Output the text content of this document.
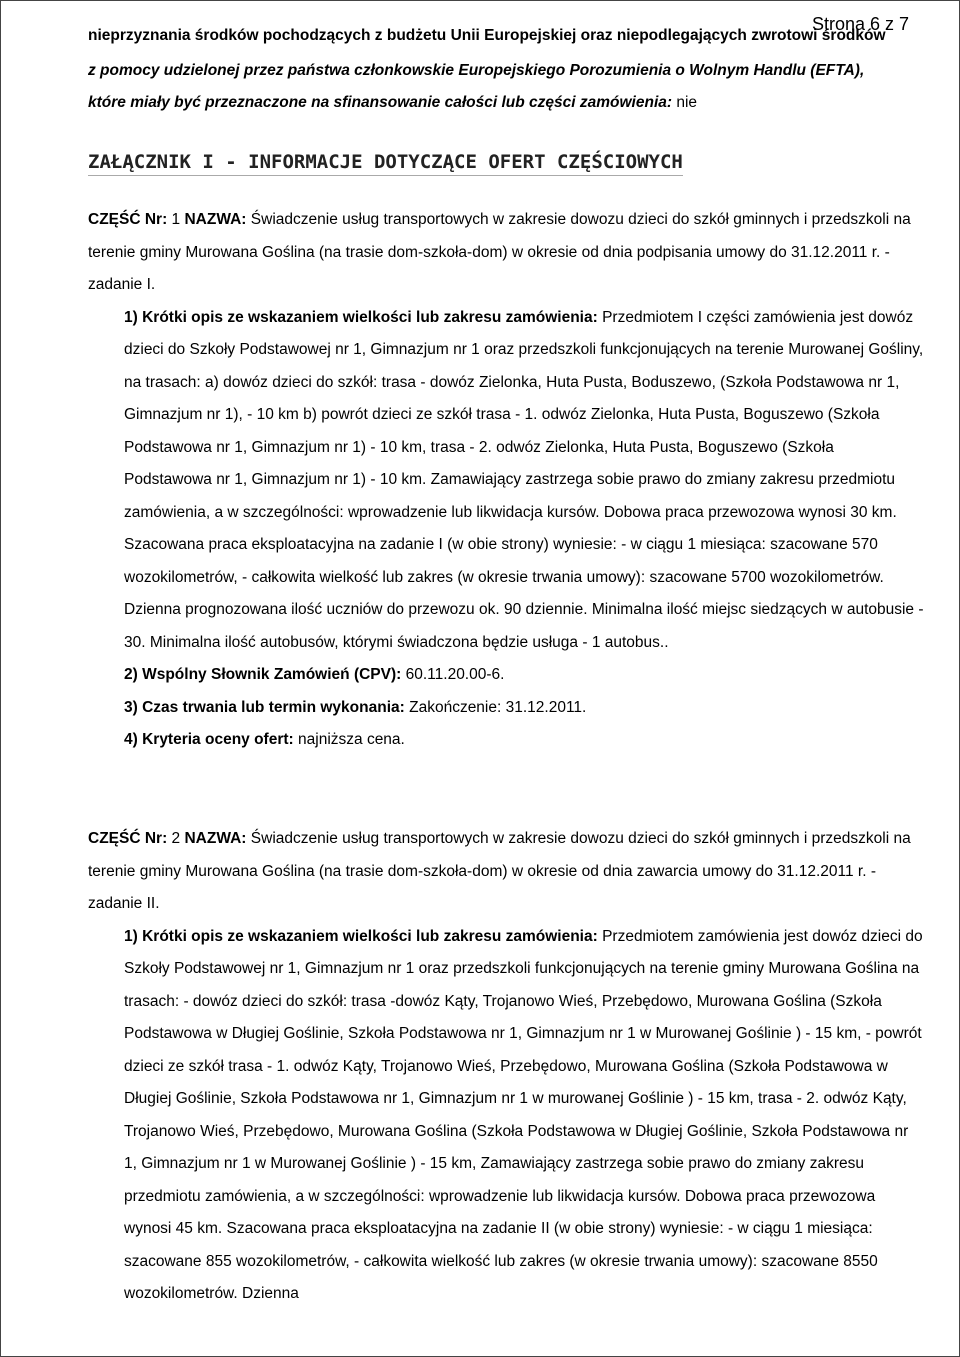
Strona 6 z 7
nieprzyznania środków pochodzących z budżetu Unii Europejskiej oraz niepodlegających zwrotowi środków
z pomocy udzielonej przez państwa członkowskie Europejskiego Porozumienia o Wolnym Handlu (EFTA),
które miały być przeznaczone na sfinansowanie całości lub części zamówienia: nie
ZAŁĄCZNIK I - INFORMACJE DOTYCZĄCE OFERT CZĘŚCIOWYCH
CZĘŚĆ Nr: 1 NAZWA: Świadczenie usług transportowych w zakresie dowozu dzieci do szkół gminnych i przedszkoli na terenie gminy Murowana Goślina (na trasie dom-szkoła-dom) w okresie od dnia podpisania umowy do 31.12.2011 r. - zadanie I.

1) Krótki opis ze wskazaniem wielkości lub zakresu zamówienia: Przedmiotem I części zamówienia jest dowóz dzieci do Szkoły Podstawowej nr 1, Gimnazjum nr 1 oraz przedszkoli funkcjonujących na terenie Murowanej Gośliny, na trasach: a) dowóz dzieci do szkół: trasa - dowóz Zielonka, Huta Pusta, Boduszewo, (Szkoła Podstawowa nr 1, Gimnazjum nr 1), - 10 km b) powrót dzieci ze szkół trasa - 1. odwóz Zielonka, Huta Pusta, Boguszewo (Szkoła Podstawowa nr 1, Gimnazjum nr 1) - 10 km, trasa - 2. odwóz Zielonka, Huta Pusta, Boguszewo (Szkoła Podstawowa nr 1, Gimnazjum nr 1) - 10 km. Zamawiający zastrzega sobie prawo do zmiany zakresu przedmiotu zamówienia, a w szczególności: wprowadzenie lub likwidacja kursów. Dobowa praca przewozowa wynosi 30 km. Szacowana praca eksploatacyjna na zadanie I (w obie strony) wyniesie: - w ciągu 1 miesiąca: szacowane 570 wozokilometrów, - całkowita wielkość lub zakres (w okresie trwania umowy): szacowane 5700 wozokilometrów. Dzienna prognozowana ilość uczniów do przewozu ok. 90 dziennie. Minimalna ilość miejsc siedzących w autobusie - 30. Minimalna ilość autobusów, którymi świadczona będzie usługa - 1 autobus..

2) Wspólny Słownik Zamówień (CPV): 60.11.20.00-6.

3) Czas trwania lub termin wykonania: Zakończenie: 31.12.2011.

4) Kryteria oceny ofert: najniższa cena.

CZĘŚĆ Nr: 2 NAZWA: Świadczenie usług transportowych w zakresie dowozu dzieci do szkół gminnych i przedszkoli na terenie gminy Murowana Goślina (na trasie dom-szkoła-dom) w okresie od dnia zawarcia umowy do 31.12.2011 r. - zadanie II.

1) Krótki opis ze wskazaniem wielkości lub zakresu zamówienia: Przedmiotem zamówienia jest dowóz dzieci do Szkoły Podstawowej nr 1, Gimnazjum nr 1 oraz przedszkoli funkcjonujących na terenie gminy Murowana Goślina na trasach: - dowóz dzieci do szkół: trasa -dowóz Kąty, Trojanowo Wieś, Przebędowo, Murowana Goślina (Szkoła Podstawowa w Długiej Goślinie, Szkoła Podstawowa nr 1, Gimnazjum nr 1 w Murowanej Goślinie ) - 15 km, - powrót dzieci ze szkół trasa - 1. odwóz Kąty, Trojanowo Wieś, Przebędowo, Murowana Goślina (Szkoła Podstawowa w Długiej Goślinie, Szkoła Podstawowa nr 1, Gimnazjum nr 1 w murowanej Goślinie ) - 15 km, trasa - 2. odwóz Kąty, Trojanowo Wieś, Przebędowo, Murowana Goślina (Szkoła Podstawowa w Długiej Goślinie, Szkoła Podstawowa nr 1, Gimnazjum nr 1 w Murowanej Goślinie ) - 15 km, Zamawiający zastrzega sobie prawo do zmiany zakresu przedmiotu zamówienia, a w szczególności: wprowadzenie lub likwidacja kursów. Dobowa praca przewozowa wynosi 45 km. Szacowana praca eksploatacyjna na zadanie II (w obie strony) wyniesie: - w ciągu 1 miesiąca: szacowane 855 wozokilometrów, - całkowita wielkość lub zakres (w okresie trwania umowy): szacowane 8550 wozokilometrów. Dzienna
